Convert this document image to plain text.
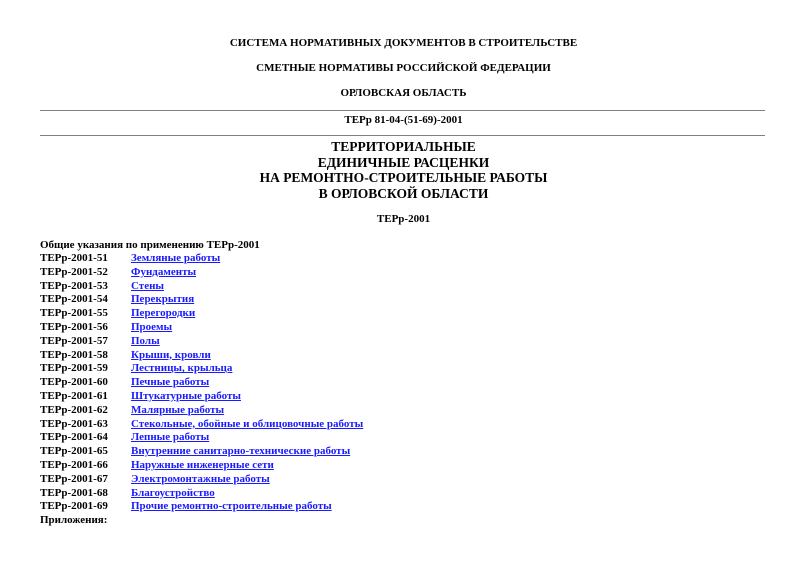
СИСТЕМА НОРМАТИВНЫХ ДОКУМЕНТОВ В СТРОИТЕЛЬСТВЕ
СМЕТНЫЕ НОРМАТИВЫ РОССИЙСКОЙ ФЕДЕРАЦИИ
ОРЛОВСКАЯ ОБЛАСТЬ
ТЕРр 81-04-(51-69)-2001
ТЕРРИТОРИАЛЬНЫЕ
ЕДИНИЧНЫЕ РАСЦЕНКИ
НА РЕМОНТНО-СТРОИТЕЛЬНЫЕ РАБОТЫ
В ОРЛОВСКОЙ ОБЛАСТИ
ТЕРр-2001
Общие указания по применению ТЕРр-2001
ТЕРр-2001-51 Земляные работы
ТЕРр-2001-52 Фундаменты
ТЕРр-2001-53 Стены
ТЕРр-2001-54 Перекрытия
ТЕРр-2001-55 Перегородки
ТЕРр-2001-56 Проемы
ТЕРр-2001-57 Полы
ТЕРр-2001-58 Крыши, кровли
ТЕРр-2001-59 Лестницы, крыльца
ТЕРр-2001-60 Печные работы
ТЕРр-2001-61 Штукатурные работы
ТЕРр-2001-62 Малярные работы
ТЕРр-2001-63 Стекольные, обойные и облицовочные работы
ТЕРр-2001-64 Лепные работы
ТЕРр-2001-65 Внутренние санитарно-технические работы
ТЕРр-2001-66 Наружные инженерные сети
ТЕРр-2001-67 Электромонтажные работы
ТЕРр-2001-68 Благоустройство
ТЕРр-2001-69 Прочие ремонтно-строительные работы
Приложения:
